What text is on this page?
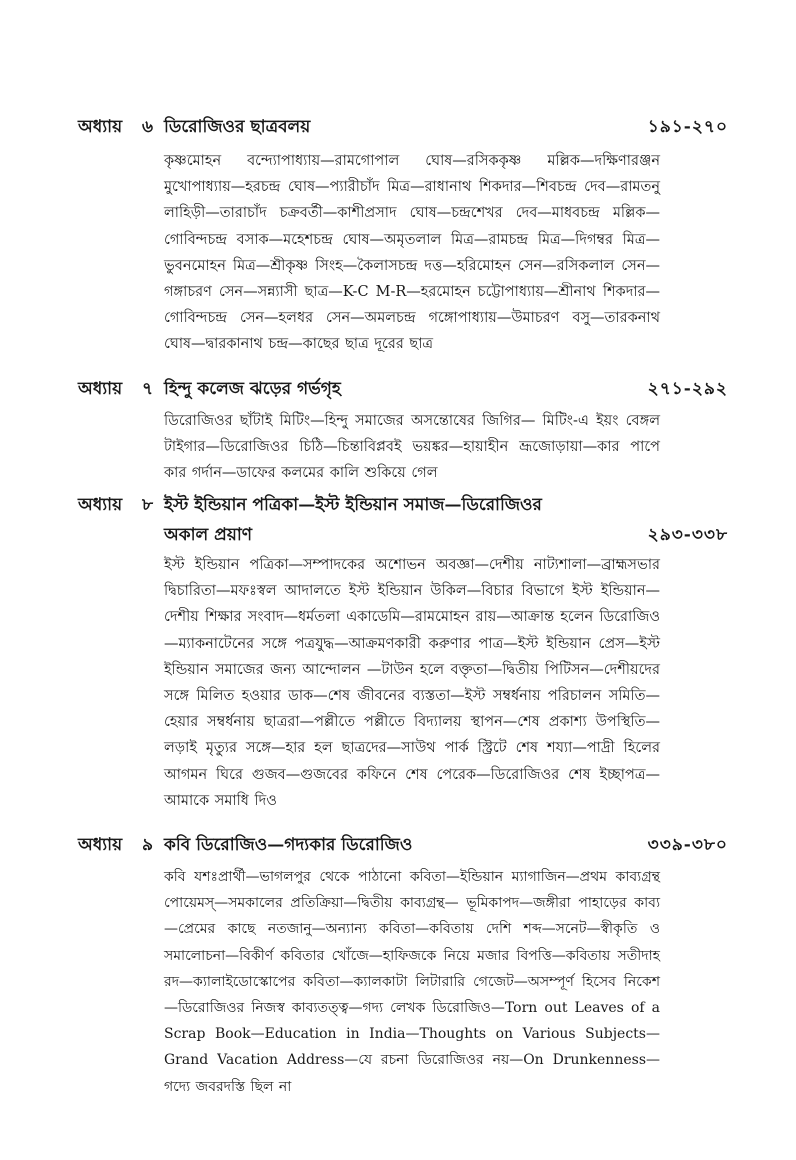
অধ্যায় ৬ ডিরোজিওর ছাত্রবলয়	১৯১-২৭০
কৃষ্ণমোহন বন্দ্যোপাধ্যায়—রামগোপাল ঘোষ—রসিককৃষ্ণ মল্লিক—দক্ষিণারঞ্জন মুখোপাধ্যায়—হরচন্দ্র ঘোষ—প্যারীচাঁদ মিত্র—রাধানাথ শিকদার—শিবচন্দ্র দেব—রামতনু লাহিড়ী—তারাচাঁদ চক্রবর্তী—কাশীপ্রসাদ ঘোষ—চন্দ্রশেখর দেব—মাধবচন্দ্র মল্লিক—গোবিন্দচন্দ্র বসাক—মহেশচন্দ্র ঘোষ—অমৃতলাল মিত্র—রামচন্দ্র মিত্র—দিগম্বর মিত্র—ভুবনমোহন মিত্র—শ্রীকৃষ্ণ সিংহ—কৈলাসচন্দ্র দত্ত—হরিমোহন সেন—রসিকলাল সেন—গঙ্গাচরণ সেন—সন্ন্যাসী ছাত্র—K-C M-R—হরমোহন চট্টোপাধ্যায়—শ্রীনাথ শিকদার—গোবিন্দচন্দ্র সেন—হলধর সেন—অমলচন্দ্র গঙ্গোপাধ্যায়—উমাচরণ বসু—তারকনাথ ঘোষ—দ্বারকানাথ চন্দ্র—কাছের ছাত্র দূরের ছাত্র
অধ্যায় ৭ হিন্দু কলেজ ঝড়ের গর্ভগৃহ	২৭১-২৯২
ডিরোজিওর ছাঁটাই মিটিং—হিন্দু সমাজের অসন্তোষের জিগির— মিটিং-এ ইয়ং বেঙ্গল টাইগার—ডিরোজিওর চিঠি—চিন্তাবিপ্লবই ভয়ঙ্কর—হায়াহীন ভ্রূজোড়ায়া—কার পাপে কার গর্দান—ডাফের কলমের কালি শুকিয়ে গেল
অধ্যায় ৮ ইস্ট ইন্ডিয়ান পত্রিকা—ইস্ট ইন্ডিয়ান সমাজ—ডিরোজিওর
অকাল প্রয়াণ	২৯৩-৩৩৮
ইস্ট ইন্ডিয়ান পত্রিকা—সম্পাদকের অশোভন অবজ্ঞা—দেশীয় নাট্যশালা—ব্রাহ্মসভার দ্বিচারিতা—মফঃস্বল আদালতে ইস্ট ইন্ডিয়ান উকিল—বিচার বিভাগে ইস্ট ইন্ডিয়ান—দেশীয় শিক্ষার সংবাদ—ধর্মতলা একাডেমি—রামমোহন রায়—আক্রান্ত হলেন ডিরোজিও—ম্যাকনাটেনের সঙ্গে পত্রযুদ্ধ—আক্রমণকারী করুণার পাত্র—ইস্ট ইন্ডিয়ান প্রেস—ইস্ট ইন্ডিয়ান সমাজের জন্য আন্দোলন —টাউন হলে বক্তৃতা—দ্বিতীয় পিটিসন—দেশীয়দের সঙ্গে মিলিত হওয়ার ডাক—শেষ জীবনের ব্যস্ততা—ইস্ট সম্বর্ধনায় পরিচালন সমিতি—হেয়ার সম্বর্ধনায় ছাত্ররা—পল্লীতে পল্লীতে বিদ্যালয় স্থাপন—শেষ প্রকাশ্য উপস্থিতি—লড়াই মৃত্যুর সঙ্গে—হার হল ছাত্রদের—সাউথ পার্ক স্ট্রিটে শেষ শয্যা—পাদ্রী হিলের আগমন ঘিরে গুজব—গুজবের কফিনে শেষ পেরেক—ডিরোজিওর শেষ ইচ্ছাপত্র—আমাকে সমাধি দিও
অধ্যায় ৯ কবি ডিরোজিও—গদ্যকার ডিরোজিও	৩৩৯-৩৮০
কবি যশঃপ্রার্থী—ভাগলপুর থেকে পাঠানো কবিতা—ইন্ডিয়ান ম্যাগাজিন—প্রথম কাব্যগ্রন্থ পোয়েমস্—সমকালের প্রতিক্রিয়া—দ্বিতীয় কাব্যগ্রন্থ— ভূমিকাপদ—জঙ্গীরা পাহাড়ের কাব্য—প্রেমের কাছে নতজানু—অন্যান্য কবিতা—কবিতায় দেশি শব্দ—সনেট—স্বীকৃতি ও সমালোচনা—বিকীর্ণ কবিতার খোঁজে—হাফিজকে নিয়ে মজার বিপত্তি—কবিতায় সতীদাহ রদ—ক্যালাইডোস্কোপের কবিতা—ক্যালকাটা লিটারারি গেজেট—অসম্পূর্ণ হিসেব নিকেশ—ডিরোজিওর নিজস্ব কাব্যতত্ত্ব—গদ্য লেখক ডিরোজিও—Torn out Leaves of a Scrap Book—Education in India—Thoughts on Various Subjects—Grand Vacation Address—যে রচনা ডিরোজিওর নয়—On Drunkenness—গদ্যে জবরদস্তি ছিল না
